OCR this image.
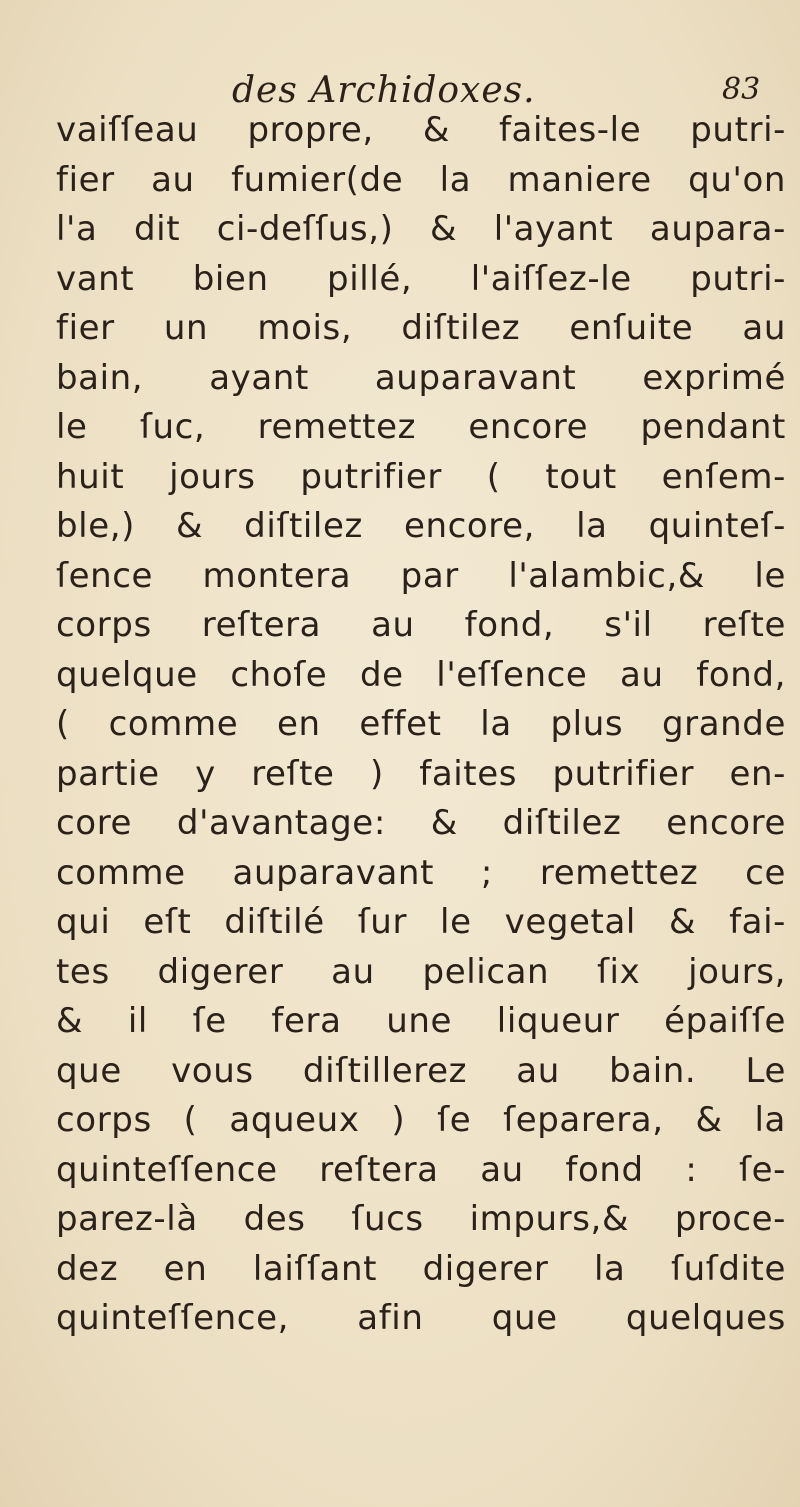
des Archidoxes.	83
vaiſſeau propre, & faites-le putri-
fier au fumier(de la maniere qu'on
l'a dit ci-deſſus,) & l'ayant aupara-
vant bien pillé, l'aiſſez-le putri-
fier un mois, diſtilez enſuite au
bain, ayant auparavant exprimé
le ſuc, remettez encore pendant
huit jours putrifier ( tout enſem-
ble,) & diſtilez encore, la quinteſ-
ſence montera par l'alambic,& le
corps reſtera au fond, s'il reſte
quelque choſe de l'eſſence au fond,
( comme en effet la plus grande
partie y reſte ) faites putrifier en-
core d'avantage: & diſtilez encore
comme auparavant ; remettez ce
qui eſt diſtilé ſur le vegetal & fai-
tes digerer au pelican ſix jours,
& il ſe fera une liqueur épaiſſe
que vous diſtillerez au bain. Le
corps ( aqueux ) ſe ſeparera, & la
quinteſſence reſtera au fond : ſe-
parez-là des ſucs impurs,& proce-
dez en laiſſant digerer la ſuſdite
quinteſſence, afin que quelques
